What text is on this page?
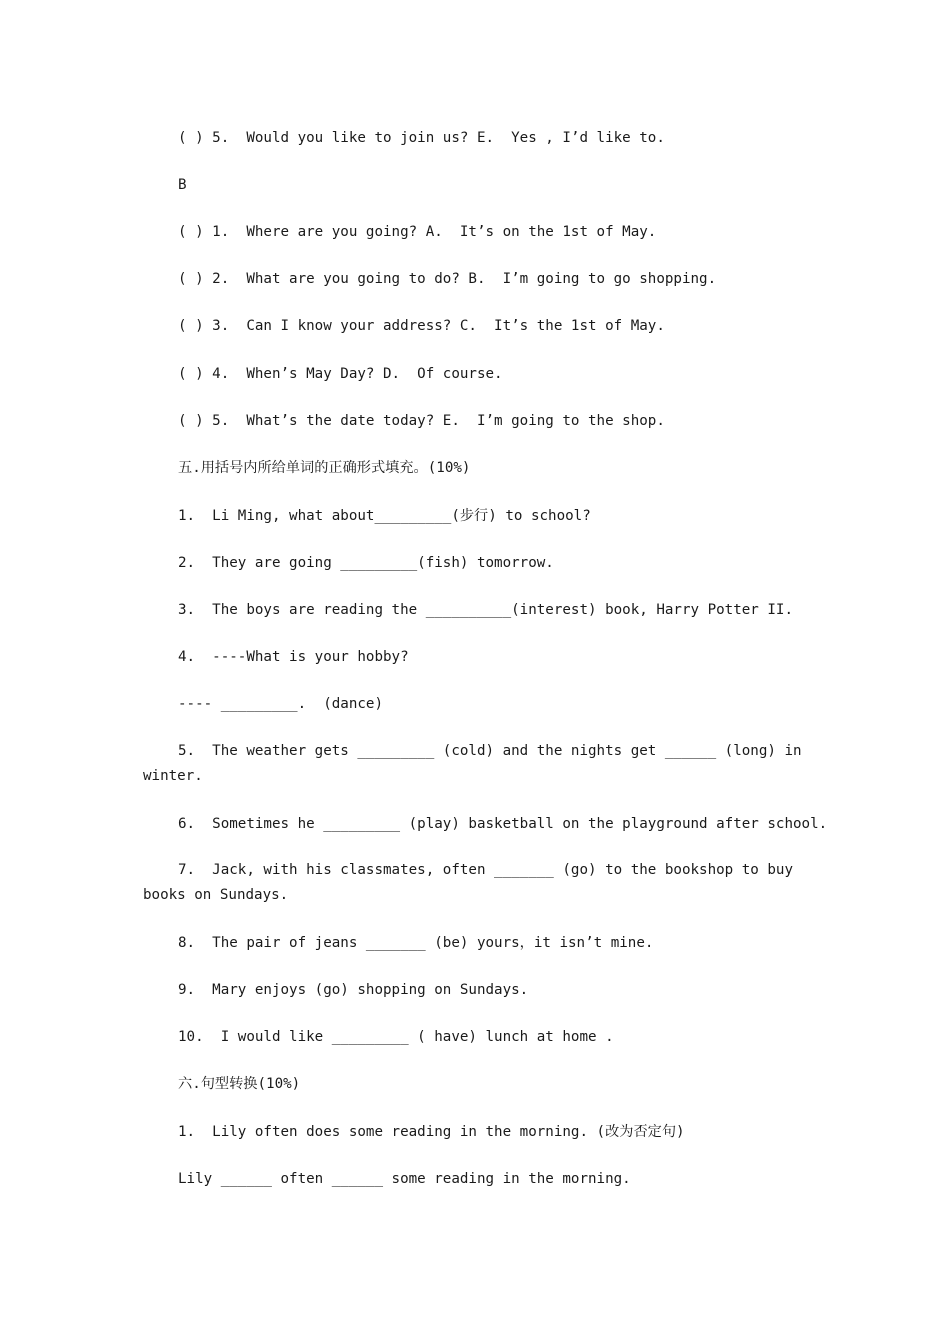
( ) 5.  Would you like to join us? E.  Yes , I’d like to.
B
( ) 1.  Where are you going? A.  It’s on the 1st of May.
( ) 2.  What are you going to do? B.  I’m going to go shopping.
( ) 3.  Can I know your address? C.  It’s the 1st of May.
( ) 4.  When’s May Day? D.  Of course.
( ) 5.  What’s the date today? E.  I’m going to the shop.
五.用括号内所给单词的正确形式填充。(10%)
1.  Li Ming, what about_________(步行) to school?
2.  They are going _________(fish) tomorrow.
3.  The boys are reading the __________(interest) book, Harry Potter II.
4.  ----What is your hobby?
---- _________.  (dance)
5.  The weather gets _________ (cold) and the nights get ______ (long) in winter.
6.  Sometimes he _________ (play) basketball on the playground after school.
7.  Jack, with his classmates, often _______ (go) to the bookshop to buy books on Sundays.
8.  The pair of jeans _______ (be) yours，it isn’t mine.
9.  Mary enjoys (go) shopping on Sundays.
10.  I would like _________ ( have) lunch at home .
六.句型转换(10%)
1.  Lily often does some reading in the morning. (改为否定句)
Lily ______ often ______ some reading in the morning.
